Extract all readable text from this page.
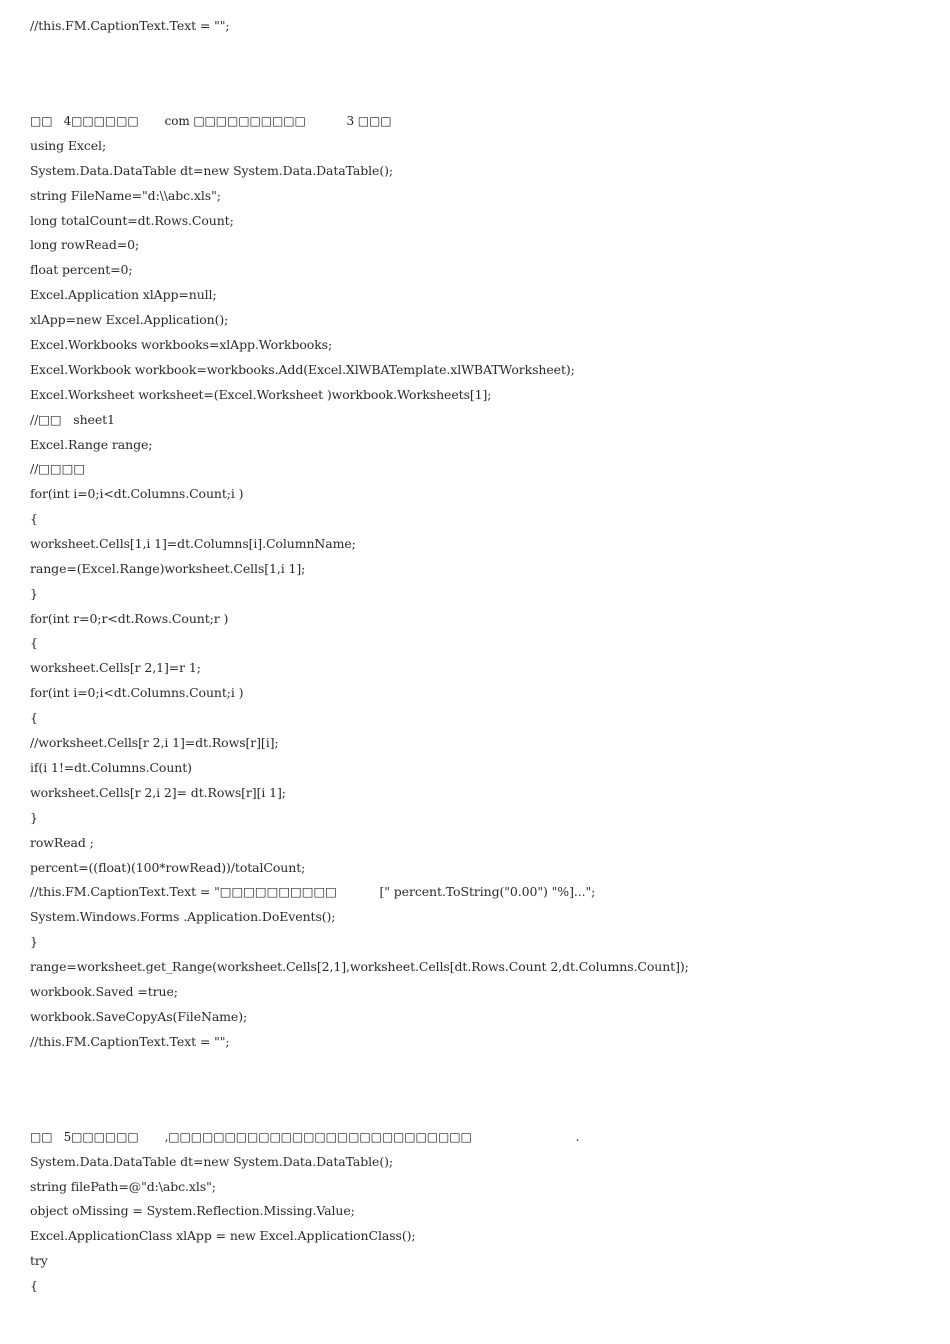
//this.FM.CaptionText.Text = "";
□□   4□□□□□□       com □□□□□□□□□□           3 □□□
using Excel;
System.Data.DataTable dt=new System.Data.DataTable();
string FileName="d:\\abc.xls";
long totalCount=dt.Rows.Count;
long rowRead=0;
float percent=0;
Excel.Application xlApp=null;
xlApp=new Excel.Application();
Excel.Workbooks workbooks=xlApp.Workbooks;
Excel.Workbook workbook=workbooks.Add(Excel.XlWBATemplate.xlWBATWorksheet);
Excel.Worksheet worksheet=(Excel.Worksheet )workbook.Worksheets[1];
//□□   sheet1
Excel.Range range;
//□□□□
for(int i=0;i<dt.Columns.Count;i )
{
worksheet.Cells[1,i 1]=dt.Columns[i].ColumnName;
range=(Excel.Range)worksheet.Cells[1,i 1];
}
for(int r=0;r<dt.Rows.Count;r )
{
worksheet.Cells[r 2,1]=r 1;
for(int i=0;i<dt.Columns.Count;i )
{
//worksheet.Cells[r 2,i 1]=dt.Rows[r][i];
if(i 1!=dt.Columns.Count)
worksheet.Cells[r 2,i 2]= dt.Rows[r][i 1];
}
rowRead ;
percent=((float)(100*rowRead))/totalCount;
//this.FM.CaptionText.Text = "□□□□□□□□□□           [" percent.ToString("0.00") "%]...";
System.Windows.Forms .Application.DoEvents();
}
range=worksheet.get_Range(worksheet.Cells[2,1],worksheet.Cells[dt.Rows.Count 2,dt.Columns.Count]);
workbook.Saved =true;
workbook.SaveCopyAs(FileName);
//this.FM.CaptionText.Text = "";
□□   5□□□□□□       ,□□□□□□□□□□□□□□□□□□□□□□□□□□□                            .
System.Data.DataTable dt=new System.Data.DataTable();
string filePath=@"d:\abc.xls";
object oMissing = System.Reflection.Missing.Value;
Excel.ApplicationClass xlApp = new Excel.ApplicationClass();
try
{
